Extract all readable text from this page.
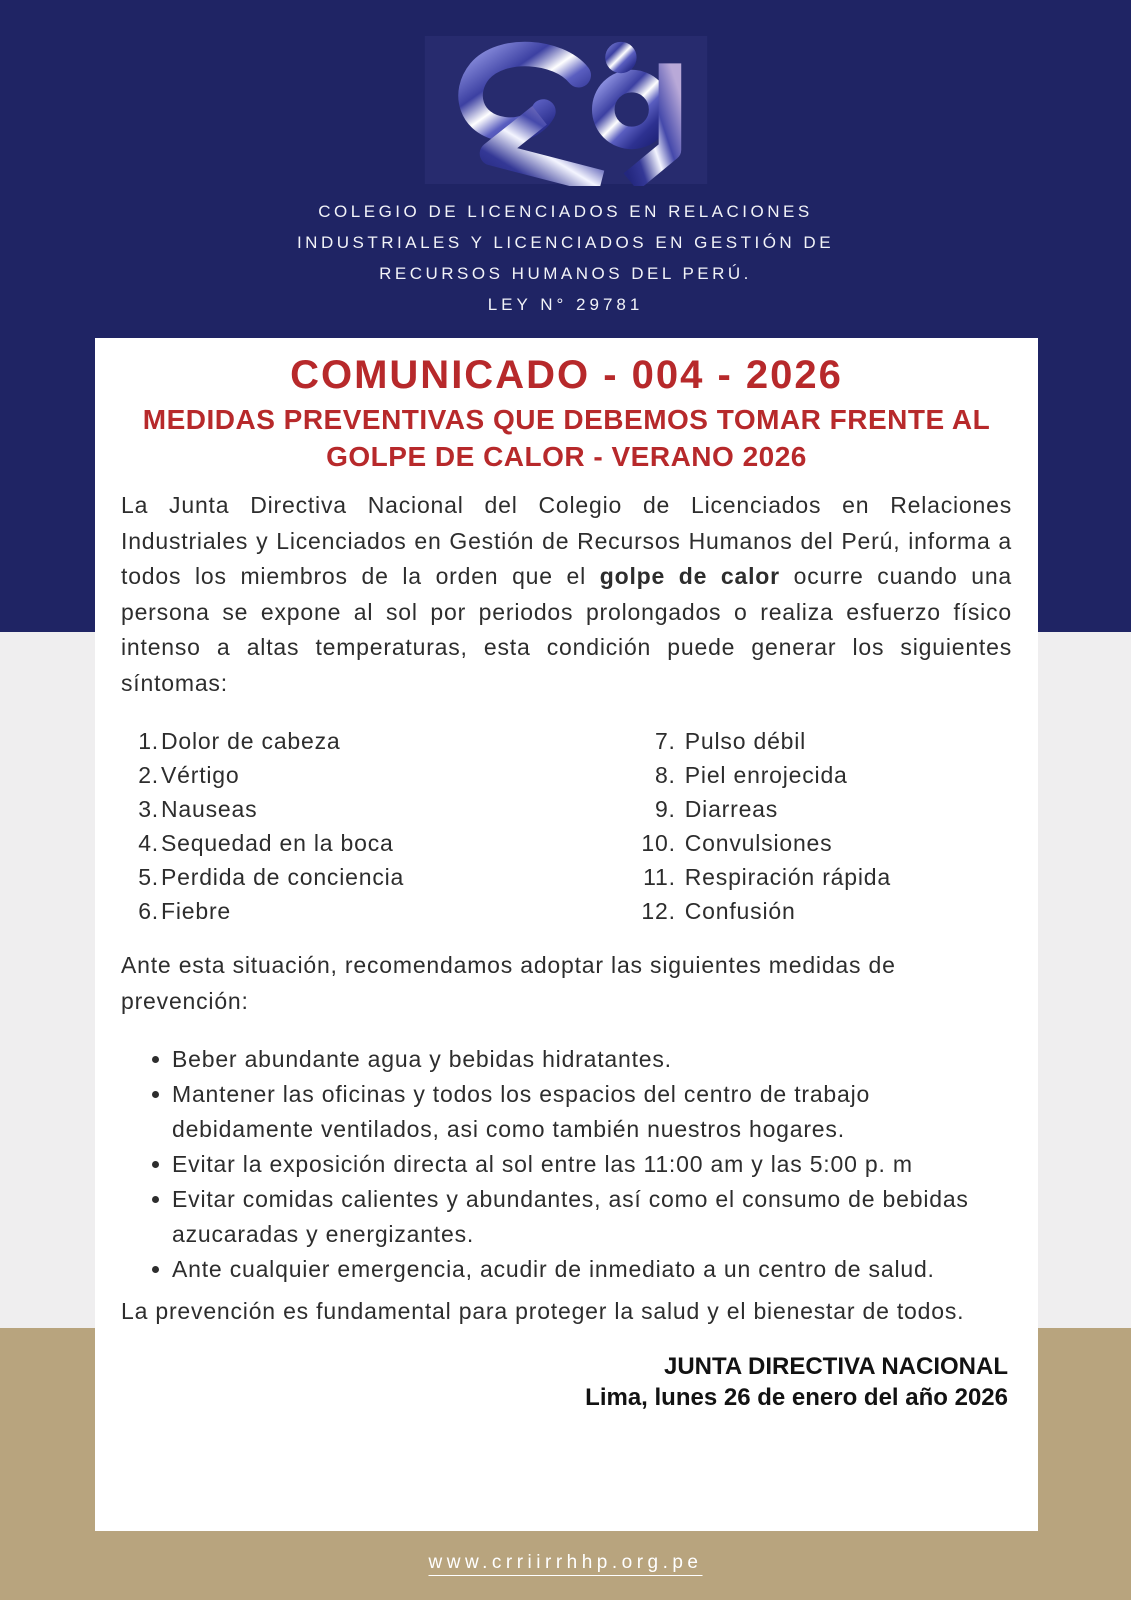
COLEGIO DE LICENCIADOS EN RELACIONES
INDUSTRIALES Y LICENCIADOS EN GESTIÓN DE
RECURSOS HUMANOS DEL PERÚ.
LEY N° 29781
COMUNICADO - 004 - 2026
MEDIDAS PREVENTIVAS QUE DEBEMOS TOMAR FRENTE AL GOLPE DE CALOR - VERANO 2026

La Junta Directiva Nacional del Colegio de Licenciados en Relaciones Industriales y Licenciados en Gestión de Recursos Humanos del Perú, informa a todos los miembros de la orden que el golpe de calor ocurre cuando una persona se expone al sol por periodos prolongados o realiza esfuerzo físico intenso a altas temperaturas, esta condición puede generar los siguientes síntomas:

1. Dolor de cabeza
2. Vértigo
3. Nauseas
4. Sequedad en la boca
5. Perdida de conciencia
6. Fiebre
7. Pulso débil
8. Piel enrojecida
9. Diarreas
10. Convulsiones
11. Respiración rápida
12. Confusión

Ante esta situación, recomendamos adoptar las siguientes medidas de prevención:

Beber abundante agua y bebidas hidratantes.
Mantener las oficinas y todos los espacios del centro de trabajo debidamente ventilados, asi como también nuestros hogares.
Evitar la exposición directa al sol entre las 11:00 am y las 5:00 p. m
Evitar comidas calientes y abundantes, así como el consumo de bebidas azucaradas y energizantes.
Ante cualquier emergencia, acudir de inmediato a un centro de salud.

La prevención es fundamental para proteger la salud y el bienestar de todos.

JUNTA DIRECTIVA NACIONAL
Lima, lunes 26 de enero del año 2026
www.crriirrhhp.org.pe
